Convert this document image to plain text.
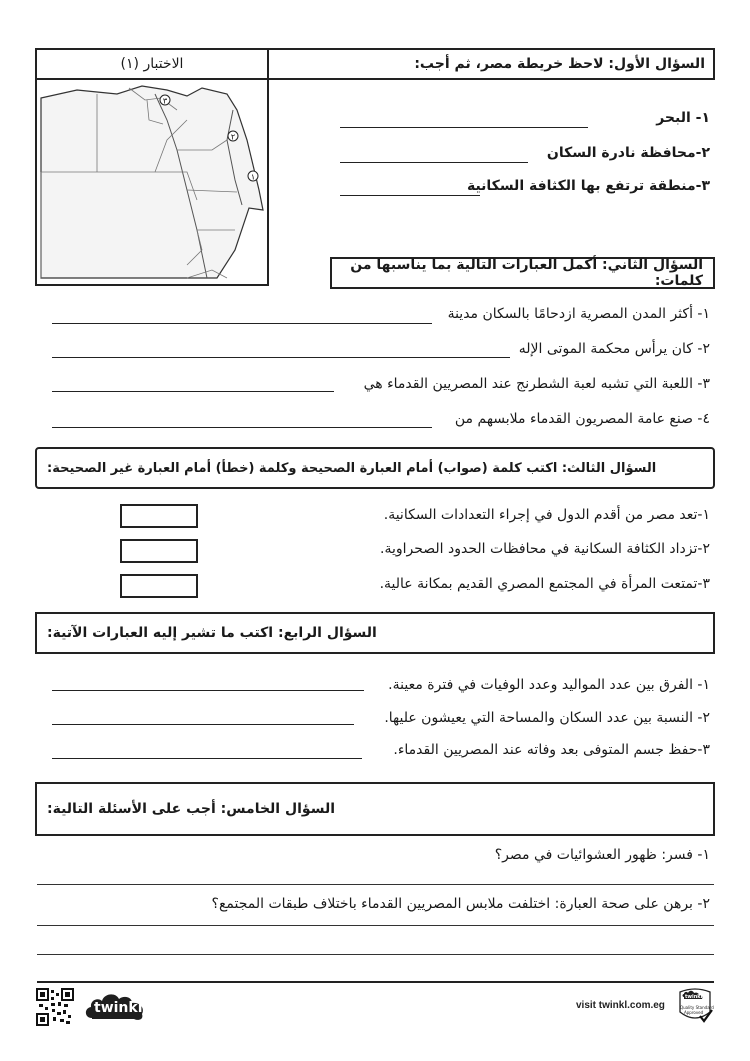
الاختبار (١)	السؤال الأول: لاحظ خريطة مصر، ثم أجب:
٣
٢
١
١- البحر
٢-محافظة نادرة السكان
٣-منطقة ترتفع بها الكثافة السكانية
السؤال الثاني: أكمل العبارات التالية بما يناسبها من كلمات:
١- أكثر المدن المصرية ازدحامًا بالسكان مدينة
٢- كان يرأس محكمة الموتى الإله
٣- اللعبة التي تشبه لعبة الشطرنج عند المصريين القدماء هي
٤- صنع عامة المصريون القدماء ملابسهم من
السؤال الثالث: اكتب كلمة (صواب) أمام العبارة الصحيحة وكلمة (خطأ) أمام العبارة غير الصحيحة:
١-تعد مصر من أقدم الدول في إجراء التعدادات السكانية.
٢-تزداد الكثافة السكانية في محافظات الحدود الصحراوية.
٣-تمتعت المرأة في المجتمع المصري القديم بمكانة عالية.
السؤال الرابع: اكتب ما تشير إليه العبارات الآتية:
١- الفرق بين عدد المواليد وعدد الوفيات في فترة معينة.
٢- النسبة بين عدد السكان والمساحة التي يعيشون عليها.
٣-حفظ جسم المتوفى بعد وفاته عند المصريين القدماء.
السؤال الخامس: أجب على الأسئلة التالية:
١- فسر: ظهور العشوائيات في مصر؟
٢- برهن على صحة العبارة: اختلفت ملابس المصريين القدماء باختلاف طبقات المجتمع؟
twinkl	visit twinkl.com.eg
twinkl
Quality Standard
Approved
